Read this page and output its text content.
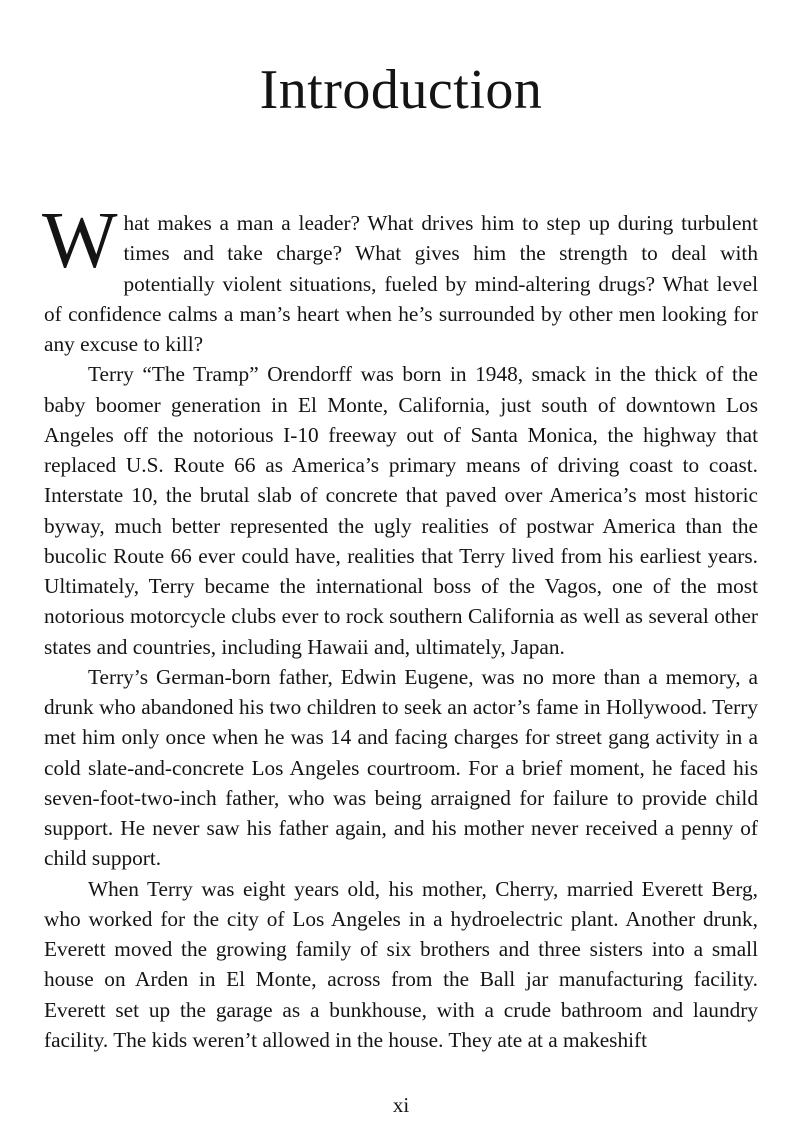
Introduction

What makes a man a leader? What drives him to step up during turbulent times and take charge? What gives him the strength to deal with potentially violent situations, fueled by mind-altering drugs? What level of confidence calms a man’s heart when he’s surrounded by other men looking for any excuse to kill?

Terry “The Tramp” Orendorff was born in 1948, smack in the thick of the baby boomer generation in El Monte, California, just south of downtown Los Angeles off the notorious I-10 freeway out of Santa Monica, the highway that replaced U.S. Route 66 as America’s primary means of driving coast to coast. Interstate 10, the brutal slab of concrete that paved over America’s most historic byway, much better represented the ugly realities of postwar America than the bucolic Route 66 ever could have, realities that Terry lived from his earliest years. Ultimately, Terry became the international boss of the Vagos, one of the most notorious motorcycle clubs ever to rock southern California as well as several other states and countries, including Hawaii and, ultimately, Japan.

Terry’s German-born father, Edwin Eugene, was no more than a memory, a drunk who abandoned his two children to seek an actor’s fame in Hollywood. Terry met him only once when he was 14 and facing charges for street gang activity in a cold slate-and-concrete Los Angeles courtroom. For a brief moment, he faced his seven-foot-two-inch father, who was being arraigned for failure to provide child support. He never saw his father again, and his mother never received a penny of child support.

When Terry was eight years old, his mother, Cherry, married Everett Berg, who worked for the city of Los Angeles in a hydroelectric plant. Another drunk, Everett moved the growing family of six brothers and three sisters into a small house on Arden in El Monte, across from the Ball jar manufacturing facility. Everett set up the garage as a bunkhouse, with a crude bathroom and laundry facility. The kids weren’t allowed in the house. They ate at a makeshift

xi
